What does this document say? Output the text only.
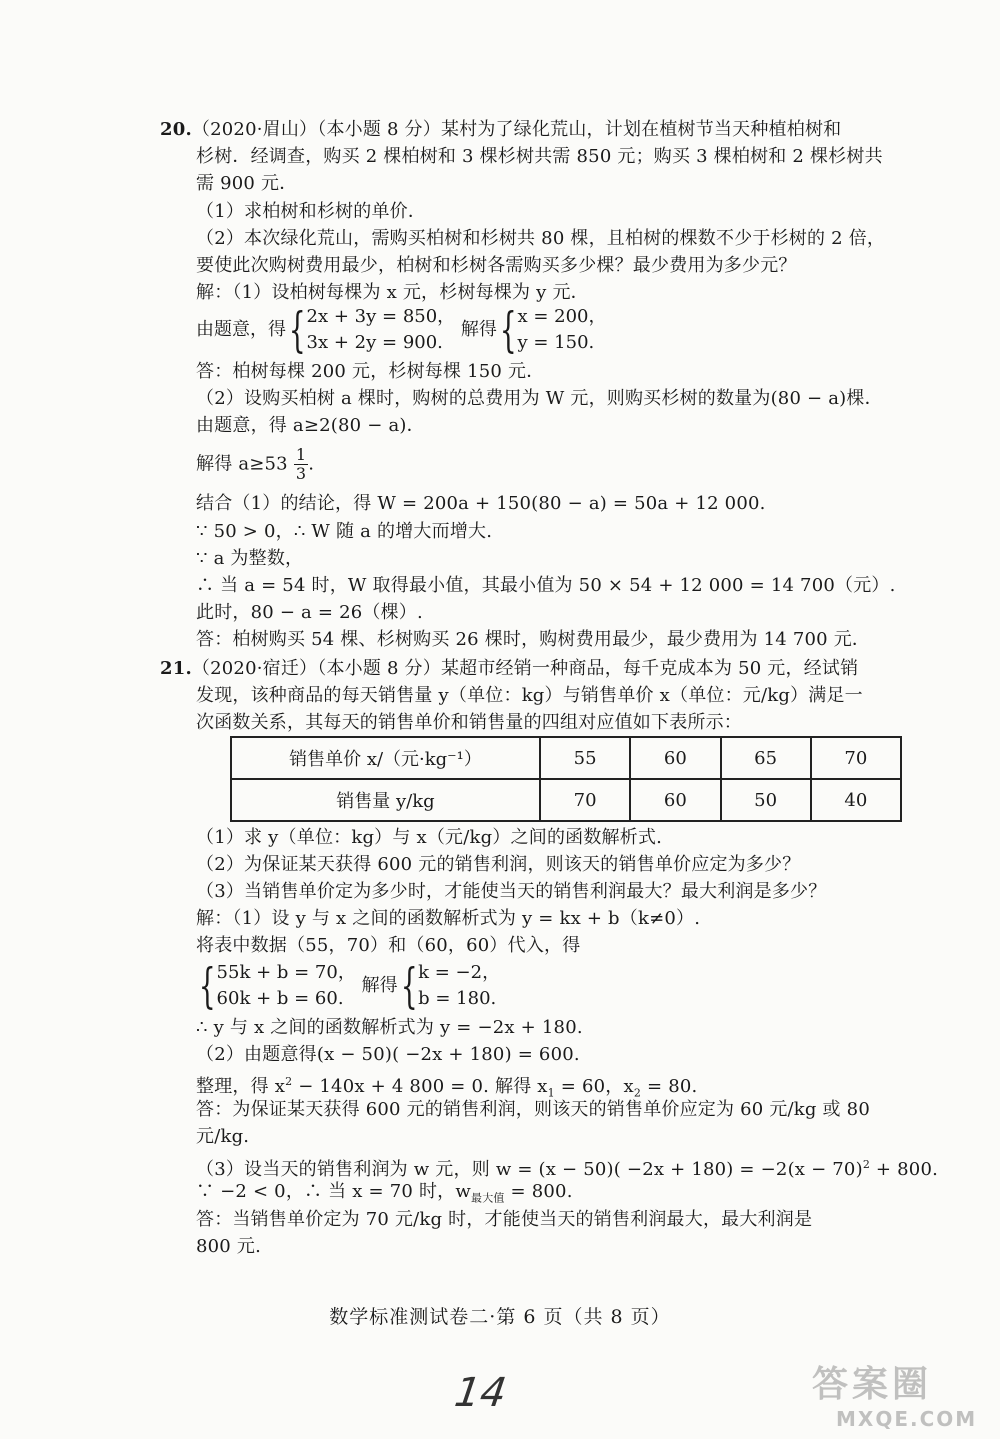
20.（2020·眉山）（本小题 8 分）某村为了绿化荒山，计划在植树节当天种植柏树和
杉树．经调查，购买 2 棵柏树和 3 棵杉树共需 850 元；购买 3 棵柏树和 2 棵杉树共
需 900 元．
（1）求柏树和杉树的单价．
（2）本次绿化荒山，需购买柏树和杉树共 80 棵，且柏树的棵数不少于杉树的 2 倍，
要使此次购树费用最少，柏树和杉树各需购买多少棵？最少费用为多少元？
解：（1）设柏树每棵为 x 元，杉树每棵为 y 元．
由题意，得{ 2x + 3y = 850，
3x + 2y = 900.
解得{ x = 200，
y = 150.
答：柏树每棵 200 元，杉树每棵 150 元．
（2）设购买柏树 a 棵时，购树的总费用为 W 元，则购买杉树的数量为(80 − a)棵．
由题意，得 a≥2(80 − a)．
解得 $a\ge 53 \frac{1}{3}$ .
结合（1）的结论，得 W = 200a + 150(80 − a) = 50a + 12 000.
∵ 50 > 0，∴ W 随 a 的增大而增大.
∵ a 为整数，
∴ 当 a = 54 时，W 取得最小值，其最小值为 50 × 54 + 12 000 = 14 700（元）.
此时，80 − a = 26（棵）.
答：柏树购买 54 棵、杉树购买 26 棵时，购树费用最少，最少费用为 14 700 元．
21.（2020·宿迁）（本小题 8 分）某超市经销一种商品，每千克成本为 50 元，经试销
发现，该种商品的每天销售量 y（单位：kg）与销售单价 x（单位：元/kg）满足一
次函数关系，其每天的销售单价和销售量的四组对应值如下表所示：
销售单价 x/（元·kg⁻¹）	55	60	65	70
销售量 y/kg	70	60	50	40
（1）求 y（单位：kg）与 x（元/kg）之间的函数解析式.
（2）为保证某天获得 600 元的销售利润，则该天的销售单价应定为多少？
（3）当销售单价定为多少时，才能使当天的销售利润最大？最大利润是多少？
解：（1）设 y 与 x 之间的函数解析式为 y = kx + b（k≠0）.
将表中数据（55，70）和（60，60）代入，得
{ 55k + b = 70，
60k + b = 60.
解得{ k = −2，
b = 180.
∴ y 与 x 之间的函数解析式为 y = −2x + 180.
（2）由题意得(x − 50)( −2x + 180) = 600.
整理，得 $x^2 - 140x + 4$ 800 = 0. 解得 $x_1 = 60$，$x_2 = 80$.
答：为保证某天获得 600 元的销售利润，则该天的销售单价应定为 60 元/kg 或 80
元/kg.
（3）设当天的销售利润为 w 元，则 $w = (x - 50)( -2x + 180) = -2(x - 70)^2 + 800$.
∵ −2 < 0，∴ 当 x = 70 时，$w_{最大值} = 800$.
答：当销售单价定为 70 元/kg 时，才能使当天的销售利润最大，最大利润是
800 元.
数学标准测试卷二·第 6 页（共 8 页）
14	答案圈
MXQE.COM
